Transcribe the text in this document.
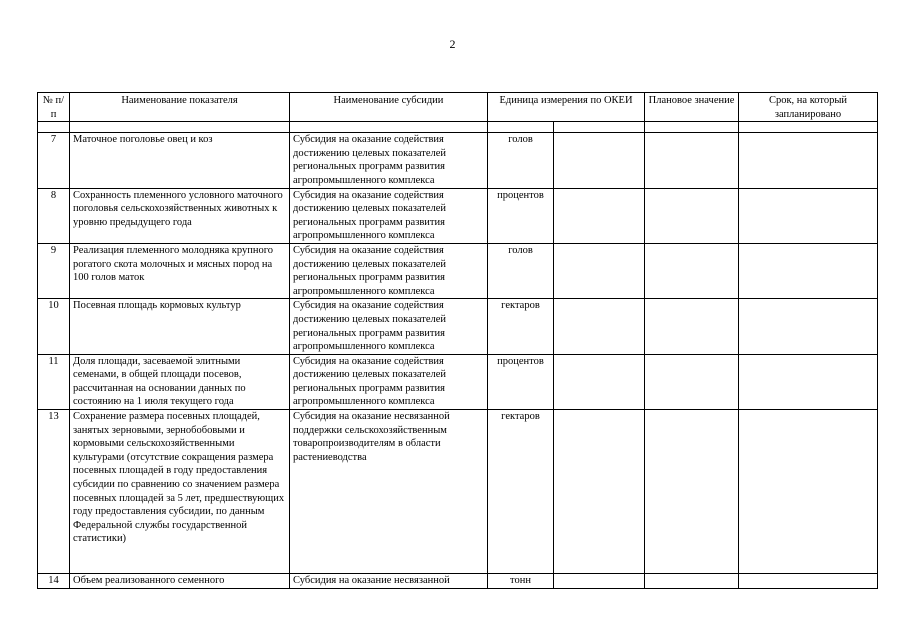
2
№ п/п	Наименование показателя	Наименование субсидии	Единица измерения по ОКЕИ		Плановое значение	Срок, на который запланировано

7	Маточное поголовье овец и коз	Субсидия на оказание содействия достижению целевых показателей региональных программ развития агропромышленного комплекса	голов			
8	Сохранность племенного условного маточного поголовья сельскохозяйственных животных к уровню предыдущего года	Субсидия на оказание содействия достижению целевых показателей региональных программ развития агропромышленного комплекса	процентов			
9	Реализация племенного молодняка крупного рогатого скота молочных и мясных пород на 100 голов маток	Субсидия на оказание содействия достижению целевых показателей региональных программ развития агропромышленного комплекса	голов			
10	Посевная площадь кормовых культур	Субсидия на оказание содействия достижению целевых показателей региональных программ развития агропромышленного комплекса	гектаров			
11	Доля площади, засеваемой элитными семенами, в общей площади посевов, рассчитанная на основании данных по состоянию на 1 июля текущего года	Субсидия на оказание содействия достижению целевых показателей региональных программ развития агропромышленного комплекса	процентов			
13	Сохранение размера посевных площадей, занятых зерновыми, зернобобовыми и кормовыми сельскохозяйственными культурами (отсутствие сокращения размера посевных площадей в году предоставления субсидии по сравнению со значением размера посевных площадей за 5 лет, предшествующих году предоставления субсидии, по данным Федеральной службы государственной статистики)	Субсидия на оказание несвязанной поддержки сельскохозяйственным товаропроизводителям в области растениеводства	гектаров			
14	Объем реализованного семенного	Субсидия на оказание несвязанной	тонн			
